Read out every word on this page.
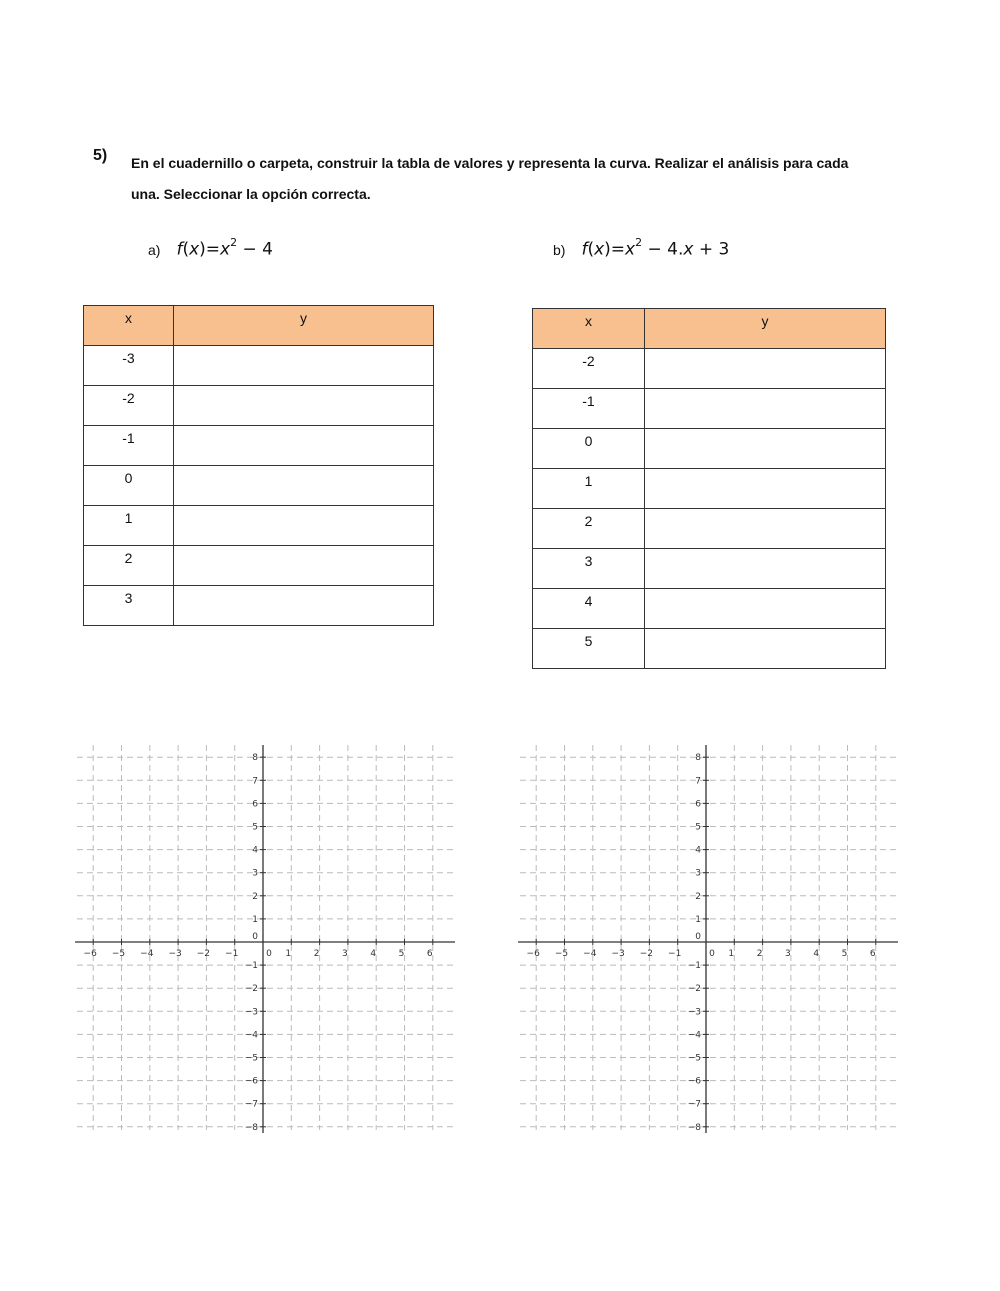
5) En el cuadernillo o carpeta, construir la tabla de valores y representa la curva. Realizar el análisis para cada
una. Seleccionar la opción correcta.
a) $f(x)=x^2 - 4$	b) $f(x)=x^2 - 4.x + 3$
x	y

-3	

-2	

-1	

0	

1	

2	

3	

x	y

-2	

-1	

0	

1	

2	

3	

4	

5	

−6 −5 −4 −3 −2 −1	1	2	3	4	5	6
8
7
6
5
4
3
2
1
−1
−2
−3
−4
−5
−6
−7
−8
0
0	−6 −5 −4 −3 −2 −1	1	2	3	4	5	6
8
7
6
5
4
3
2
1
−1
−2
−3
−4
−5
−6
−7
−8
0
0
